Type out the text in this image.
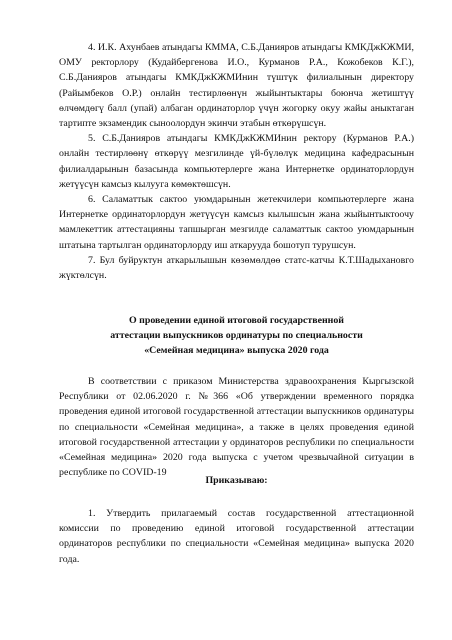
4. И.К. Ахунбаев атындагы КММА, С.Б.Данияров атындагы КМКДжКЖМИ, ОМУ ректорлору (Кудайбергенова И.О., Курманов Р.А., Кожобеков К.Г.), С.Б.Данияров атындагы КМКДжКЖМИнин түштүк филиалынын директору (Райымбеков О.Р.) онлайн тестирлөөнүн жыйынтыктары боюнча жетиштүү өлчөмдөгү балл (упай) албаган ординаторлор үчүн жогорку окуу жайы аныктаган тартипте экзамендик сыноолордун экинчи этабын өткөрүшсүн.

5. С.Б.Данияров атындагы КМКДжКЖМИнин ректору (Курманов Р.А.) онлайн тестирлөөнү өткөрүү мезгилинде үй-бүлөлүк медицина кафедрасынын филиалдарынын базасында компьютерлерге жана Интернетке ординаторлордун жетүүсүн камсыз кылууга көмөктөшсүн.

6. Саламаттык сактоо уюмдарынын жетекчилери компьютерлерге жана Интернетке ординаторлордун жетүүсүн камсыз кылышсын жана жыйынтыктоочу мамлекеттик аттестацияны тапшырган мезгилде саламаттык сактоо уюмдарынын штатына тартылган ординаторлорду иш аткарууда бошотуп турушсун.

7. Бул буйруктун аткарылышын көзөмөлдөө статс-катчы К.Т.Шадыхановго жүктөлсүн.

О проведении единой итоговой государственной
аттестации выпускников ординатуры по специальности
«Семейная медицина» выпуска 2020 года

В соответствии с приказом Министерства здравоохранения Кыргызской Республики от 02.06.2020 г. №366 «Об утверждении временного порядка проведения единой итоговой государственной аттестации выпускников ординатуры по специальности «Семейная медицина», а также в целях проведения единой итоговой государственной аттестации у ординаторов республики по специальности «Семейная медицина» 2020 года выпуска с учетом чрезвычайной ситуации в республике по COVID-19

Приказываю:

1. Утвердить прилагаемый состав государственной аттестационной комиссии по проведению единой итоговой государственной аттестации ординаторов республики по специальности «Семейная медицина» выпуска 2020 года.
